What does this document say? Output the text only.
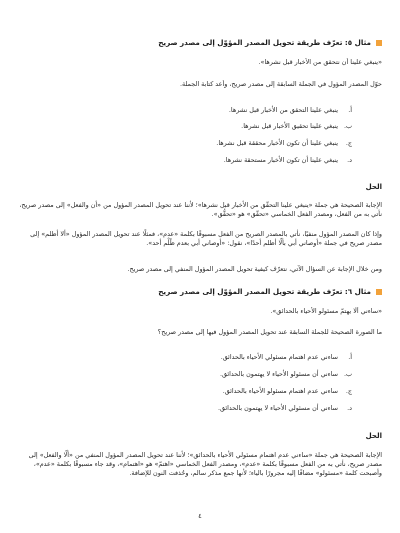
مثال ٥: تعرّف طريقة تحويل المصدر المؤوّل إلى مصدر صريح
«ينبغي علينا أن نتحقق من الأخبار قبل نشرها».
حوّل المصدر المؤول في الجملة السابقة إلى مصدر صريح، وأعد كتابة الجملة.
أ.
ينبغي علينا التحقق من الأخبار قبل نشرها.
ب.
ينبغي علينا تحقيق الأخبار قبل نشرها.
ج.
ينبغي علينا أن تكون الأخبار محققة قبل نشرها.
د.
ينبغي علينا أن تكون الأخبار مستحقة نشرها.
الحل
الإجابة الصحيحة هي جملة «ينبغي علينا التحقّق من الأخبار قبل نشرها»؛ لأننا عند تحويل المصدر المؤول من «أن والفعل» إلى مصدر صريح، نأتي به من الفعل، ومصدر الفعل الخماسي «تحقّق» هو «تحقُّق».
وإذا كان المصدر المؤول منفيًا، نأتي بالمصدر الصريح من الفعل مسبوقًا بكلمة «عدم»، فمثلًا عند تحويل المصدر المؤول «ألا أظلم» إلى مصدر صريح في جملة «أوصاني أبي بألّا أظلم أحدًا»، نقول: «أوصاني أبي بعدم ظُلْم أحد».
ومن خلال الإجابة عن السؤال الآتي، نتعرّف كيفية تحويل المصدر المؤول المنفي إلى مصدر صريح.
مثال ٦: تعرّف طريقة تحويل المصدر المؤوّل إلى مصدر صريح
«ساءني ألّا يهتمّ مسئولو الأحياء بالحدائق».
ما الصورة الصحيحة للجملة السابقة عند تحويل المصدر المؤول فيها إلى مصدر صريح؟
أ.
ساءني عدم اهتمام مسئولي الأحياء بالحدائق.
ب.
ساءني أن مسئولو الأحياء لا يهتمون بالحدائق.
ج.
ساءني عدم اهتمام مسئولو الأحياء بالحدائق.
د.
ساءني أن مسئولي الأحياء لا يهتمون بالحدائق.
الحل
الإجابة الصحيحة هي جملة «ساءني عدم اهتمام مسئولي الأحياء بالحدائق»؛ لأننا عند تحويل المصدر المؤول المنفي من «ألّا والفعل» إلى مصدر صريح، نأتي به من الفعل مسبوقًا بكلمة «عدم»، ومصدر الفعل الخماسي «اهتمّ» هو «اهتمام»، وقد جاء مسبوقًا بكلمة «عدم»، وأصبحت كلمة «مسئولو» مضافًا إليه مجرورًا بالياء؛ لأنها جمع مذكر سالم، وحُذفت النون للإضافة.
٤
